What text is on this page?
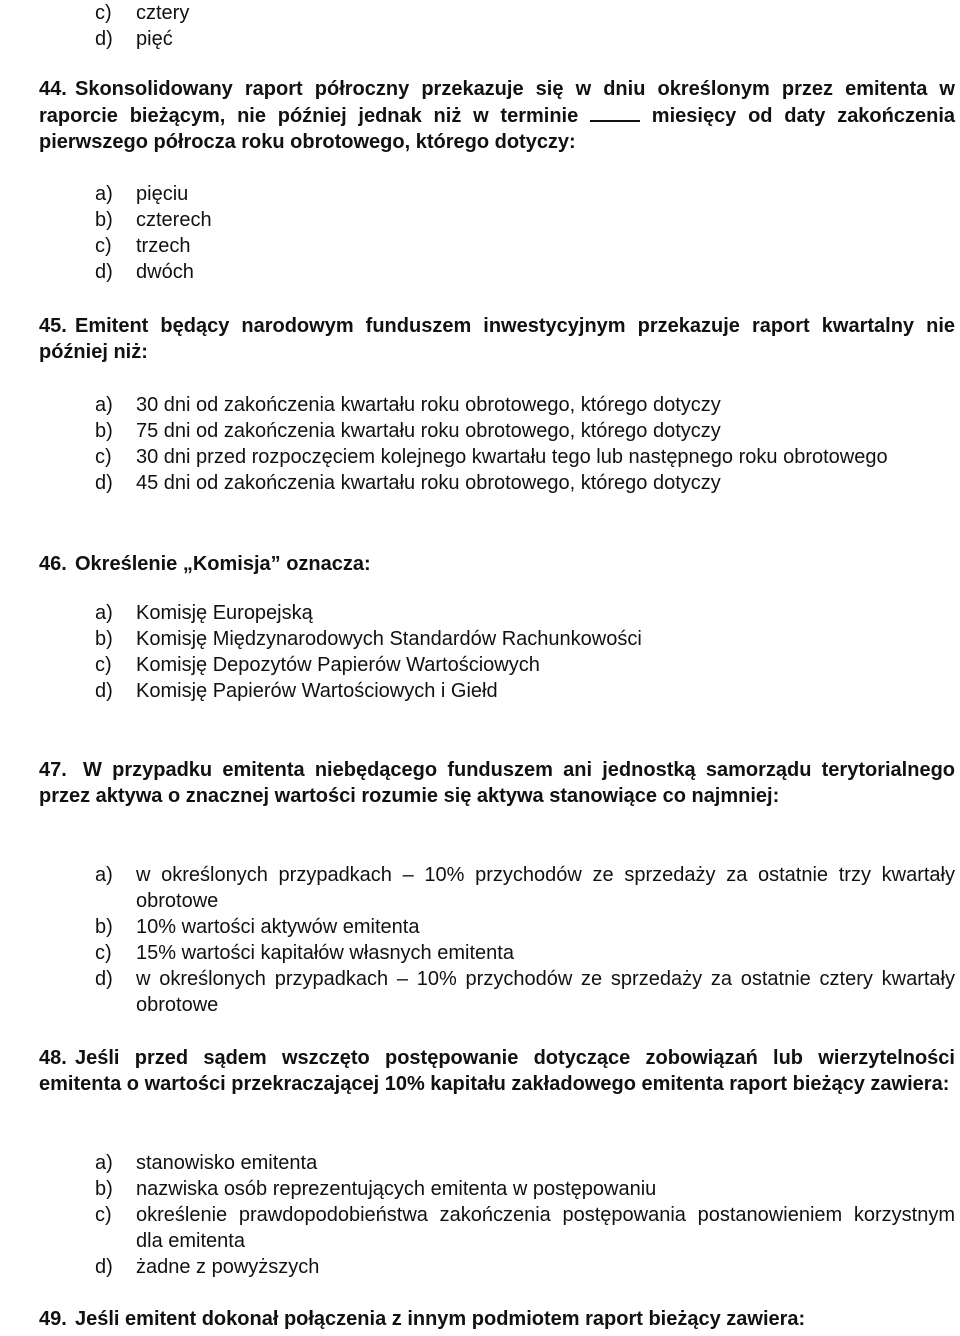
c) cztery

d) pięć

44. Skonsolidowany raport półroczny przekazuje się w dniu określonym przez emitenta w raporcie bieżącym, nie później jednak niż w terminie	miesięcy od daty zakończenia pierwszego półrocza roku obrotowego, którego dotyczy:

a) pięciu

b) czterech

c) trzech

d) dwóch

45. Emitent będący narodowym funduszem inwestycyjnym przekazuje raport kwartalny nie później niż:

a) 30 dni od zakończenia kwartału roku obrotowego, którego dotyczy

b) 75 dni od zakończenia kwartału roku obrotowego, którego dotyczy

c) 30 dni przed rozpoczęciem kolejnego kwartału tego lub następnego roku obrotowego

d) 45 dni od zakończenia kwartału roku obrotowego, którego dotyczy

46. Określenie „Komisja” oznacza:

a) Komisję Europejską

b) Komisję Międzynarodowych Standardów Rachunkowości

c) Komisję Depozytów Papierów Wartościowych

d) Komisję Papierów Wartościowych i Giełd

47. W przypadku emitenta niebędącego funduszem ani jednostką samorządu terytorialnego przez aktywa o znacznej wartości rozumie się aktywa stanowiące co najmniej:

a) w określonych przypadkach – 10% przychodów ze sprzedaży za ostatnie trzy kwartały obrotowe

b) 10% wartości aktywów emitenta

c) 15% wartości kapitałów własnych emitenta

d) w określonych przypadkach – 10% przychodów ze sprzedaży za ostatnie cztery kwartały obrotowe

48. Jeśli przed sądem wszczęto postępowanie dotyczące zobowiązań lub wierzytelności emitenta o wartości przekraczającej 10% kapitału zakładowego emitenta raport bieżący zawiera:

a) stanowisko emitenta

b) nazwiska osób reprezentujących emitenta w postępowaniu

c) określenie prawdopodobieństwa zakończenia postępowania postanowieniem korzystnym dla emitenta

d) żadne z powyższych

49. Jeśli emitent dokonał połączenia z innym podmiotem raport bieżący zawiera:
